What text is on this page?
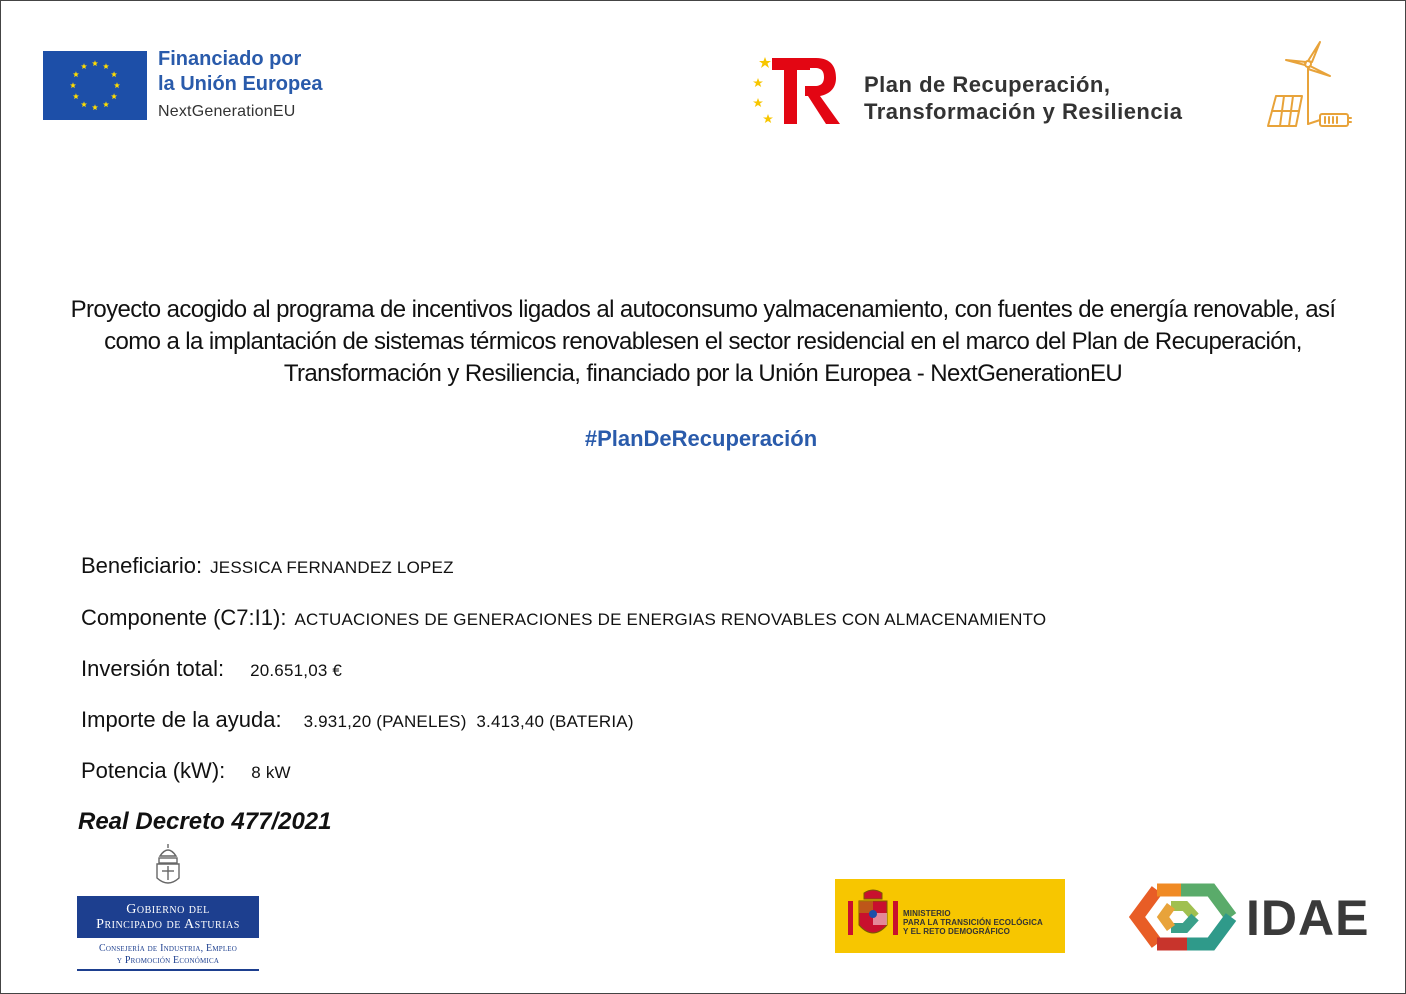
Financiado por
la Unión Europea
NextGenerationEU
Plan de Recuperación,
Transformación y Resiliencia
Proyecto acogido al programa de incentivos ligados al autoconsumo yalmacenamiento, con fuentes de energía renovable, así como a la implantación de sistemas térmicos renovablesen el sector residencial en el marco del Plan de Recuperación, Transformación y Resiliencia, financiado por la Unión Europea - NextGenerationEU
#PlanDeRecuperación
Beneficiario: JESSICA FERNANDEZ LOPEZ
Componente (C7:I1): ACTUACIONES DE GENERACIONES DE ENERGIAS RENOVABLES CON ALMACENAMIENTO
Inversión total: 20.651,03 €
Importe de la ayuda: 3.931,20 (PANELES)  3.413,40 (BATERIA)
Potencia (kW): 8 kW
Real Decreto 477/2021
Gobierno del
Principado de Asturias
Consejería de Industria, Empleo
y Promoción Económica
MINISTERIO
PARA LA TRANSICIÓN ECOLÓGICA
Y EL RETO DEMOGRÁFICO	IDAE
